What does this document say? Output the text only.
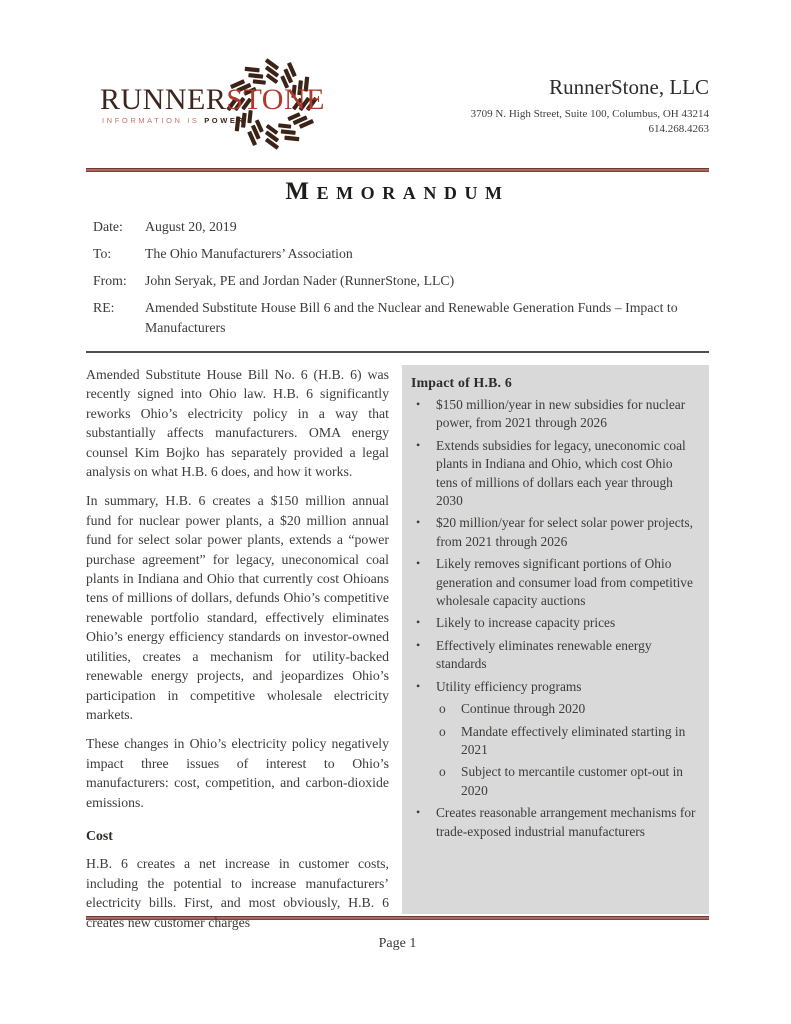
RUNNERSTONE
INFORMATION IS POWER
RunnerStone, LLC
3709 N. High Street, Suite 100, Columbus, OH 43214
614.268.4263
MEMORANDUM
Date:	August 20, 2019
To:	The Ohio Manufacturers’ Association
From:	John Seryak, PE and Jordan Nader (RunnerStone, LLC)
RE:	Amended Substitute House Bill 6 and the Nuclear and Renewable Generation Funds – Impact to Manufacturers

Amended Substitute House Bill No. 6 (H.B. 6) was recently signed into Ohio law. H.B. 6 significantly reworks Ohio’s electricity policy in a way that substantially affects manufacturers. OMA energy counsel Kim Bojko has separately provided a legal analysis on what H.B. 6 does, and how it works.

In summary, H.B. 6 creates a $150 million annual fund for nuclear power plants, a $20 million annual fund for select solar power plants, extends a “power purchase agreement” for legacy, uneconomical coal plants in Indiana and Ohio that currently cost Ohioans tens of millions of dollars, defunds Ohio’s competitive renewable portfolio standard, effectively eliminates Ohio’s energy efficiency standards on investor-owned utilities, creates a mechanism for utility-backed renewable energy projects, and jeopardizes Ohio’s participation in competitive wholesale electricity markets.

These changes in Ohio’s electricity policy negatively impact three issues of interest to Ohio’s manufacturers: cost, competition, and carbon-dioxide emissions.

Cost

H.B. 6 creates a net increase in customer costs, including the potential to increase manufacturers’ electricity bills. First, and most obviously, H.B. 6 creates new customer charges

Impact of H.B. 6
• $150 million/year in new subsidies for nuclear power, from 2021 through 2026
• Extends subsidies for legacy, uneconomic coal plants in Indiana and Ohio, which cost Ohio tens of millions of dollars each year through 2030
• $20 million/year for select solar power projects, from 2021 through 2026
• Likely removes significant portions of Ohio generation and consumer load from competitive wholesale capacity auctions
• Likely to increase capacity prices
• Effectively eliminates renewable energy standards
• Utility efficiency programs
o Continue through 2020
o Mandate effectively eliminated starting in 2021
o Subject to mercantile customer opt-out in 2020
• Creates reasonable arrangement mechanisms for trade-exposed industrial manufacturers
Page 1
